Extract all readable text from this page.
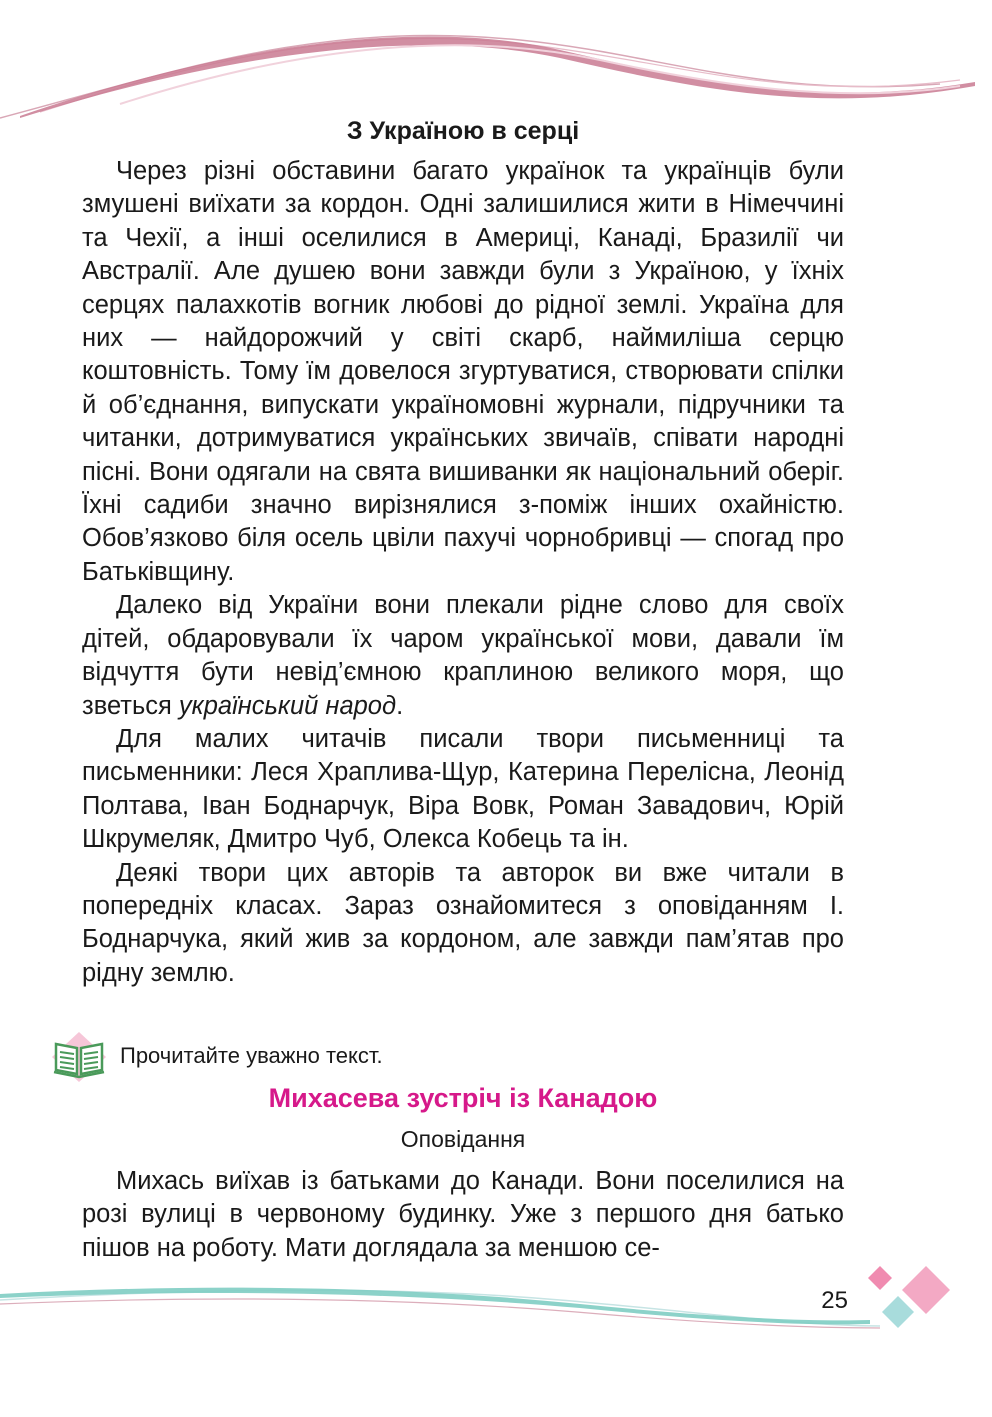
З Україною в серці

Через різні обставини багато українок та українців були змушені виїхати за кордон. Одні залишилися жити в Німеччині та Чехії, а інші оселилися в Америці, Канаді, Бразилії чи Австралії. Але душею вони завжди були з Україною, у їхніх серцях палахкотів вогник любові до рідної землі. Україна для них — найдорожчий у світі скарб, наймиліша серцю коштовність. Тому їм довелося згуртуватися, створювати спілки й об’єднання, випускати україномовні журнали, підручники та читанки, дотримуватися українських звичаїв, співати народні пісні. Вони одягали на свята вишиванки як національний оберіг. Їхні садиби значно вирізнялися з-поміж інших охайністю. Обов’язково біля осель цвіли пахучі чорнобривці — спогад про Батьківщину.

Далеко від України вони плекали рідне слово для своїх дітей, обдаровували їх чаром української мови, давали їм відчуття бути невід’ємною краплиною великого моря, що зветься український народ.

Для малих читачів писали твори письменниці та письменники: Леся Храплива-Щур, Катерина Перелісна, Леонід Полтава, Іван Боднарчук, Віра Вовк, Роман Завадович, Юрій Шкрумеляк, Дмитро Чуб, Олекса Кобець та ін.

Деякі твори цих авторів та авторок ви вже читали в попередніх класах. Зараз ознайомитеся з оповіданням І. Боднарчука, який жив за кордоном, але завжди пам’ятав про рідну землю.

Прочитайте уважно текст.
Михасева зустріч із Канадою
Оповідання

Михась виїхав із батьками до Канади. Вони поселилися на розі вулиці в червоному будинку. Уже з першого дня батько пішов на роботу. Мати доглядала за меншою се-

25
